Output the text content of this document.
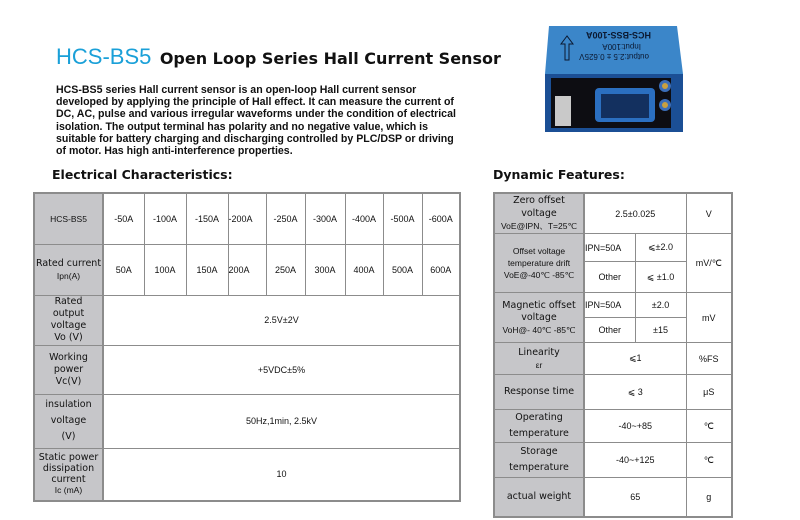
HCS-BS5 Open Loop Series Hall Current Sensor
HCS-BS5 series Hall current sensor is an open-loop Hall current sensor developed by applying the principle of Hall effect. It can measure the current of DC, AC, pulse and various irregular waveforms under the condition of electrical isolation. The output terminal has polarity and no negative value, which is suitable for battery charging and discharging controlled by PLC/DSP or driving of motor. Has high anti-interference properties.
output:2.5 ± 0.625V
Input:100A
HCS-BSS-100A
Electrical Characteristics:	Dynamic Features:
HCS-BS5	-50A	-100A	-150A	-200A	-250A	-300A	-400A	-500A	-600A

Rated current
Ipn(A)	50A	100A	150A	200A	250A	300A	400A	500A	600A

Rated
output voltage
Vo (V)	2.5V±2V								

Working
power
Vc(V)	+5VDC±5%								

insulation
voltage
(V)	50Hz,1min, 2.5kV								

Static power
dissipation
current
Ic (mA)	10								
Zero offset voltage
VoE@IPN、T=25℃	2.5±0.025		V

Offset voltage
temperature drift
VoE@-40℃ -85℃	IPN=50A	⩽±2.0	mV/℃
	Other	⩽ ±1.0	

Magnetic offset
voltage
VoH@- 40℃ -85℃	IPN=50A	±2.0	mV
	Other	±15	

Linearity
εr	⩽1		%FS
Response time	⩽ 3		μS

Operating
temperature	-40~+85		℃

Storage
temperature	-40~+125		℃
actual weight	65		g
